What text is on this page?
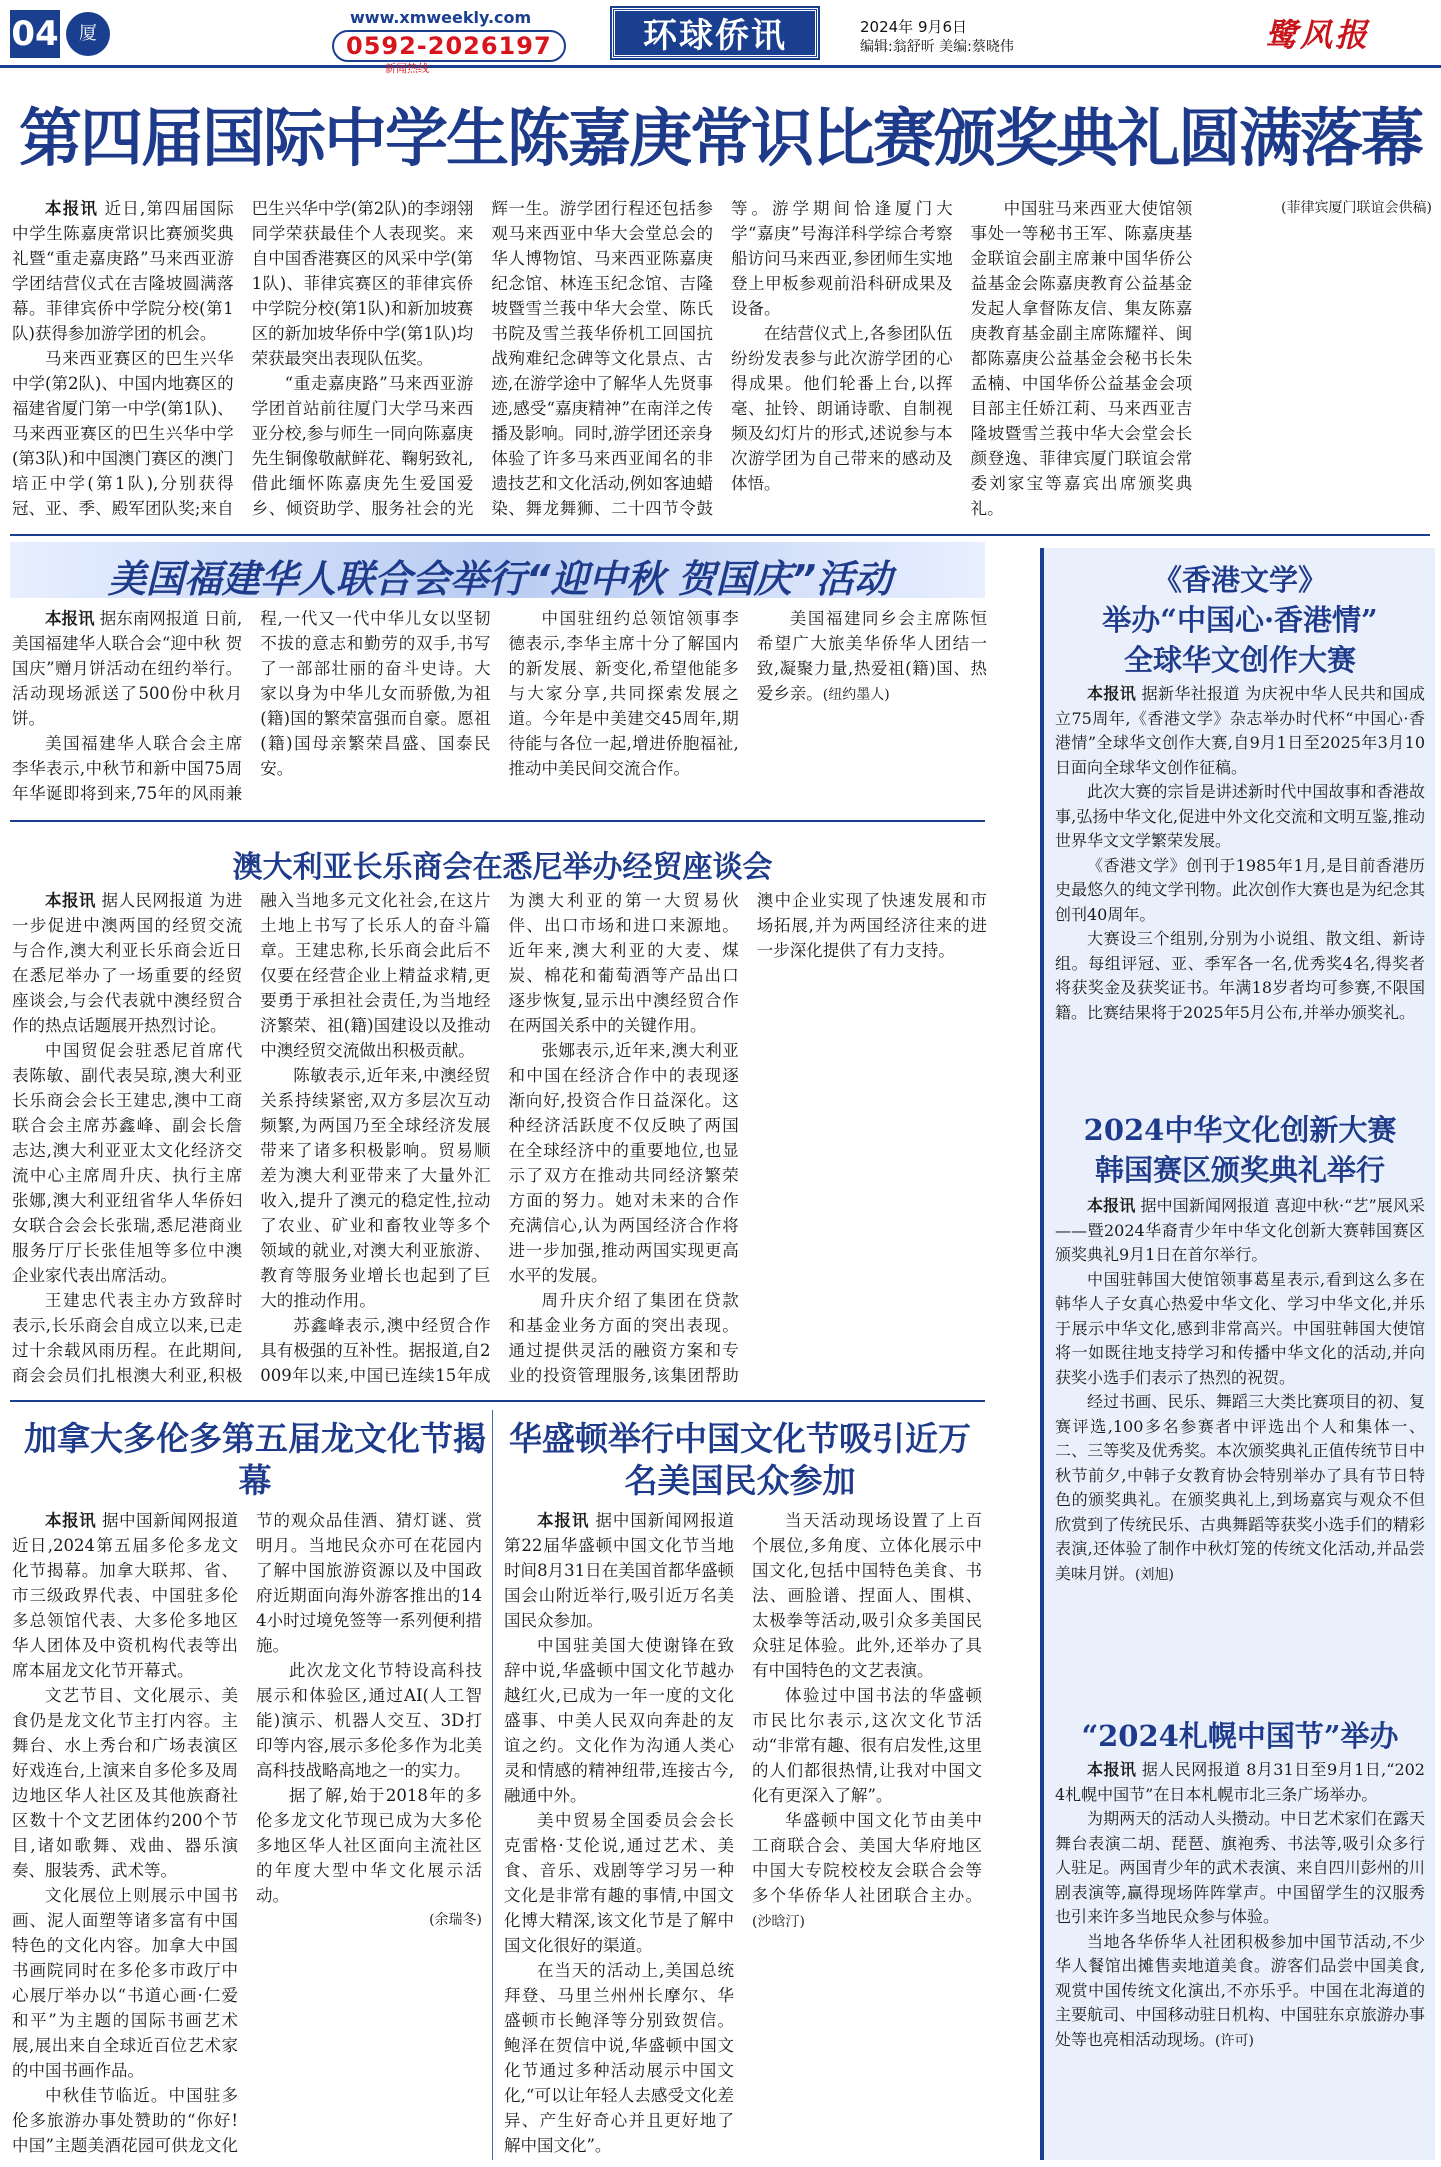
04	厦
www.xmweekly.com
0592-2026197
新闻热线
环球侨讯	2024年 9月6日
编辑:翁舒昕 美编:蔡晓伟	鹭风报
第四届国际中学生陈嘉庚常识比赛颁奖典礼圆满落幕

本报讯 近日,第四届国际中学生陈嘉庚常识比赛颁奖典礼暨“重走嘉庚路”马来西亚游学团结营仪式在吉隆坡圆满落幕。菲律宾侨中学院分校(第1队)获得参加游学团的机会。

马来西亚赛区的巴生兴华中学(第2队)、中国内地赛区的福建省厦门第一中学(第1队)、马来西亚赛区的巴生兴华中学(第3队)和中国澳门赛区的澳门培正中学(第1队),分别获得冠、亚、季、殿军团队奖;来自巴生兴华中学(第2队)的李翊翎同学荣获最佳个人表现奖。来自中国香港赛区的风采中学(第1队)、菲律宾赛区的菲律宾侨中学院分校(第1队)和新加坡赛区的新加坡华侨中学(第1队)均荣获最突出表现队伍奖。

“重走嘉庚路”马来西亚游学团首站前往厦门大学马来西亚分校,参与师生一同向陈嘉庚先生铜像敬献鲜花、鞠躬致礼,借此缅怀陈嘉庚先生爱国爱乡、倾资助学、服务社会的光辉一生。游学团行程还包括参观马来西亚中华大会堂总会的华人博物馆、马来西亚陈嘉庚纪念馆、林连玉纪念馆、吉隆坡暨雪兰莪中华大会堂、陈氏书院及雪兰莪华侨机工回国抗战殉难纪念碑等文化景点、古迹,在游学途中了解华人先贤事迹,感受“嘉庚精神”在南洋之传播及影响。同时,游学团还亲身体验了许多马来西亚闻名的非遗技艺和文化活动,例如客迪蜡染、舞龙舞狮、二十四节令鼓等。游学期间恰逢厦门大学“嘉庚”号海洋科学综合考察船访问马来西亚,参团师生实地登上甲板参观前沿科研成果及设备。

在结营仪式上,各参团队伍纷纷发表参与此次游学团的心得成果。他们轮番上台,以挥毫、扯铃、朗诵诗歌、自制视频及幻灯片的形式,述说参与本次游学团为自己带来的感动及体悟。

中国驻马来西亚大使馆领事处一等秘书王军、陈嘉庚基金联谊会副主席兼中国华侨公益基金会陈嘉庚教育公益基金发起人拿督陈友信、集友陈嘉庚教育基金副主席陈耀祥、闽都陈嘉庚公益基金会秘书长朱孟楠、中国华侨公益基金会项目部主任娇江莉、马来西亚吉隆坡暨雪兰莪中华大会堂会长颜登逸、菲律宾厦门联谊会常委刘家宝等嘉宾出席颁奖典礼。

(菲律宾厦门联谊会供稿)
美国福建华人联合会举行“迎中秋 贺国庆”活动

本报讯 据东南网报道 日前,美国福建华人联合会“迎中秋 贺国庆”赠月饼活动在纽约举行。活动现场派送了500份中秋月饼。

美国福建华人联合会主席李华表示,中秋节和新中国75周年华诞即将到来,75年的风雨兼程,一代又一代中华儿女以坚韧不拔的意志和勤劳的双手,书写了一部部壮丽的奋斗史诗。大家以身为中华儿女而骄傲,为祖(籍)国的繁荣富强而自豪。愿祖(籍)国母亲繁荣昌盛、国泰民安。

中国驻纽约总领馆领事李德表示,李华主席十分了解国内的新发展、新变化,希望他能多与大家分享,共同探索发展之道。今年是中美建交45周年,期待能与各位一起,增进侨胞福祉,推动中美民间交流合作。

美国福建同乡会主席陈恒希望广大旅美华侨华人团结一致,凝聚力量,热爱祖(籍)国、热爱乡亲。(纽约墨人)

澳大利亚长乐商会在悉尼举办经贸座谈会

本报讯 据人民网报道 为进一步促进中澳两国的经贸交流与合作,澳大利亚长乐商会近日在悉尼举办了一场重要的经贸座谈会,与会代表就中澳经贸合作的热点话题展开热烈讨论。

中国贸促会驻悉尼首席代表陈敏、副代表吴琼,澳大利亚长乐商会会长王建忠,澳中工商联合会主席苏鑫峰、副会长詹志达,澳大利亚亚太文化经济交流中心主席周升庆、执行主席张娜,澳大利亚纽省华人华侨妇女联合会会长张瑞,悉尼港商业服务厅厅长张佳旭等多位中澳企业家代表出席活动。

王建忠代表主办方致辞时表示,长乐商会自成立以来,已走过十余载风雨历程。在此期间,商会会员们扎根澳大利亚,积极融入当地多元文化社会,在这片土地上书写了长乐人的奋斗篇章。王建忠称,长乐商会此后不仅要在经营企业上精益求精,更要勇于承担社会责任,为当地经济繁荣、祖(籍)国建设以及推动中澳经贸交流做出积极贡献。

陈敏表示,近年来,中澳经贸关系持续紧密,双方多层次互动频繁,为两国乃至全球经济发展带来了诸多积极影响。贸易顺差为澳大利亚带来了大量外汇收入,提升了澳元的稳定性,拉动了农业、矿业和畜牧业等多个领域的就业,对澳大利亚旅游、教育等服务业增长也起到了巨大的推动作用。

苏鑫峰表示,澳中经贸合作具有极强的互补性。据报道,自2009年以来,中国已连续15年成为澳大利亚的第一大贸易伙伴、出口市场和进口来源地。近年来,澳大利亚的大麦、煤炭、棉花和葡萄酒等产品出口逐步恢复,显示出中澳经贸合作在两国关系中的关键作用。

张娜表示,近年来,澳大利亚和中国在经济合作中的表现逐渐向好,投资合作日益深化。这种经济活跃度不仅反映了两国在全球经济中的重要地位,也显示了双方在推动共同经济繁荣方面的努力。她对未来的合作充满信心,认为两国经济合作将进一步加强,推动两国实现更高水平的发展。

周升庆介绍了集团在贷款和基金业务方面的突出表现。通过提供灵活的融资方案和专业的投资管理服务,该集团帮助澳中企业实现了快速发展和市场拓展,并为两国经济往来的进一步深化提供了有力支持。

加拿大多伦多第五届龙文化节揭幕

本报讯 据中国新闻网报道 近日,2024第五届多伦多龙文化节揭幕。加拿大联邦、省、市三级政界代表、中国驻多伦多总领馆代表、大多伦多地区华人团体及中资机构代表等出席本届龙文化节开幕式。

文艺节目、文化展示、美食仍是龙文化节主打内容。主舞台、水上秀台和广场表演区好戏连台,上演来自多伦多及周边地区华人社区及其他族裔社区数十个文艺团体约200个节目,诸如歌舞、戏曲、器乐演奏、服装秀、武术等。

文化展位上则展示中国书画、泥人面塑等诸多富有中国特色的文化内容。加拿大中国书画院同时在多伦多市政厅中心展厅举办以“书道心画·仁爱和平”为主题的国际书画艺术展,展出来自全球近百位艺术家的中国书画作品。

中秋佳节临近。中国驻多伦多旅游办事处赞助的“你好!中国”主题美酒花园可供龙文化节的观众品佳酒、猜灯谜、赏明月。当地民众亦可在花园内了解中国旅游资源以及中国政府近期面向海外游客推出的144小时过境免签等一系列便利措施。

此次龙文化节特设高科技展示和体验区,通过AI(人工智能)演示、机器人交互、3D打印等内容,展示多伦多作为北美高科技战略高地之一的实力。

据了解,始于2018年的多伦多龙文化节现已成为大多伦多地区华人社区面向主流社区的年度大型中华文化展示活动。

(余瑞冬)
华盛顿举行中国文化节吸引近万名美国民众参加

本报讯 据中国新闻网报道 第22届华盛顿中国文化节当地时间8月31日在美国首都华盛顿国会山附近举行,吸引近万名美国民众参加。

中国驻美国大使谢锋在致辞中说,华盛顿中国文化节越办越红火,已成为一年一度的文化盛事、中美人民双向奔赴的友谊之约。文化作为沟通人类心灵和情感的精神纽带,连接古今,融通中外。

美中贸易全国委员会会长克雷格·艾伦说,通过艺术、美食、音乐、戏剧等学习另一种文化是非常有趣的事情,中国文化博大精深,该文化节是了解中国文化很好的渠道。

在当天的活动上,美国总统拜登、马里兰州州长摩尔、华盛顿市长鲍泽等分别致贺信。鲍泽在贺信中说,华盛顿中国文化节通过多种活动展示中国文化,“可以让年轻人去感受文化差异、产生好奇心并且更好地了解中国文化”。

当天活动现场设置了上百个展位,多角度、立体化展示中国文化,包括中国特色美食、书法、画脸谱、捏面人、围棋、太极拳等活动,吸引众多美国民众驻足体验。此外,还举办了具有中国特色的文艺表演。

体验过中国书法的华盛顿市民比尔表示,这次文化节活动“非常有趣、很有启发性,这里的人们都很热情,让我对中国文化有更深入了解”。

华盛顿中国文化节由美中工商联合会、美国大华府地区中国大专院校校友会联合会等多个华侨华人社团联合主办。(沙晗汀)

《香港文学》
举办“中国心·香港情”
全球华文创作大赛

本报讯 据新华社报道 为庆祝中华人民共和国成立75周年,《香港文学》杂志举办时代杯“中国心·香港情”全球华文创作大赛,自9月1日至2025年3月10日面向全球华文创作征稿。

此次大赛的宗旨是讲述新时代中国故事和香港故事,弘扬中华文化,促进中外文化交流和文明互鉴,推动世界华文文学繁荣发展。

《香港文学》创刊于1985年1月,是目前香港历史最悠久的纯文学刊物。此次创作大赛也是为纪念其创刊40周年。

大赛设三个组别,分别为小说组、散文组、新诗组。每组评冠、亚、季军各一名,优秀奖4名,得奖者将获奖金及获奖证书。年满18岁者均可参赛,不限国籍。比赛结果将于2025年5月公布,并举办颁奖礼。

2024中华文化创新大赛
韩国赛区颁奖典礼举行

本报讯 据中国新闻网报道 喜迎中秋·“艺”展风采——暨2024华裔青少年中华文化创新大赛韩国赛区颁奖典礼9月1日在首尔举行。

中国驻韩国大使馆领事葛星表示,看到这么多在韩华人子女真心热爱中华文化、学习中华文化,并乐于展示中华文化,感到非常高兴。中国驻韩国大使馆将一如既往地支持学习和传播中华文化的活动,并向获奖小选手们表示了热烈的祝贺。

经过书画、民乐、舞蹈三大类比赛项目的初、复赛评选,100多名参赛者中评选出个人和集体一、二、三等奖及优秀奖。本次颁奖典礼正值传统节日中秋节前夕,中韩子女教育协会特别举办了具有节日特色的颁奖典礼。在颁奖典礼上,到场嘉宾与观众不但欣赏到了传统民乐、古典舞蹈等获奖小选手们的精彩表演,还体验了制作中秋灯笼的传统文化活动,并品尝美味月饼。(刘旭)

“2024札幌中国节”举办

本报讯 据人民网报道 8月31日至9月1日,“2024札幌中国节”在日本札幌市北三条广场举办。

为期两天的活动人头攒动。中日艺术家们在露天舞台表演二胡、琵琶、旗袍秀、书法等,吸引众多行人驻足。两国青少年的武术表演、来自四川彭州的川剧表演等,赢得现场阵阵掌声。中国留学生的汉服秀也引来许多当地民众参与体验。

当地各华侨华人社团积极参加中国节活动,不少华人餐馆出摊售卖地道美食。游客们品尝中国美食,观赏中国传统文化演出,不亦乐乎。中国在北海道的主要航司、中国移动驻日机构、中国驻东京旅游办事处等也亮相活动现场。(许可)
